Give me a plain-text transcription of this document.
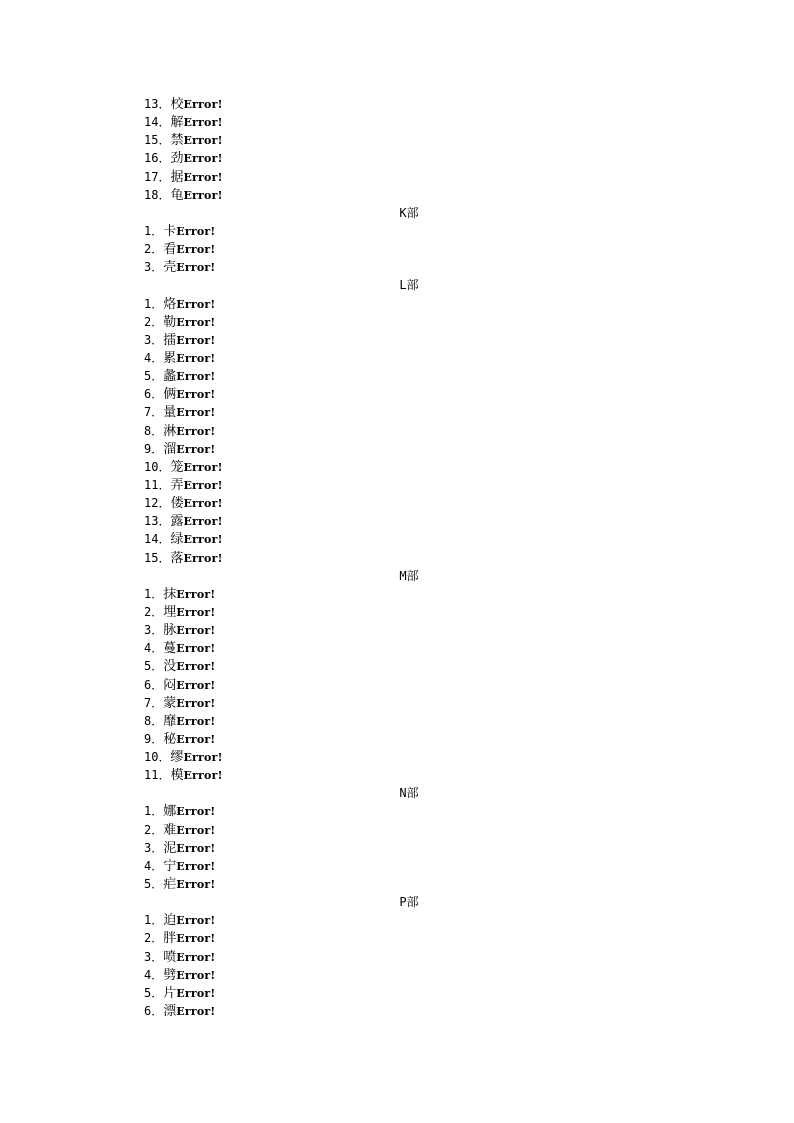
13．校Error!
14．解Error!
15．禁Error!
16．劲Error!
17．据Error!
18．龟Error!
K部
1．卡Error!
2．看Error!
3．壳Error!
L部
1．烙Error!
2．勒Error!
3．擂Error!
4．累Error!
5．蠡Error!
6．俩Error!
7．量Error!
8．淋Error!
9．溜Error!
10．笼Error!
11．弄Error!
12．偻Error!
13．露Error!
14．绿Error!
15．落Error!
M部
1．抹Error!
2．埋Error!
3．脉Error!
4．蔓Error!
5．没Error!
6．闷Error!
7．蒙Error!
8．靡Error!
9．秘Error!
10．缪Error!
11．模Error!
N部
1．娜Error!
2．难Error!
3．泥Error!
4．宁Error!
5．疟Error!
P部
1．迫Error!
2．胖Error!
3．喷Error!
4．劈Error!
5．片Error!
6．漂Error!
